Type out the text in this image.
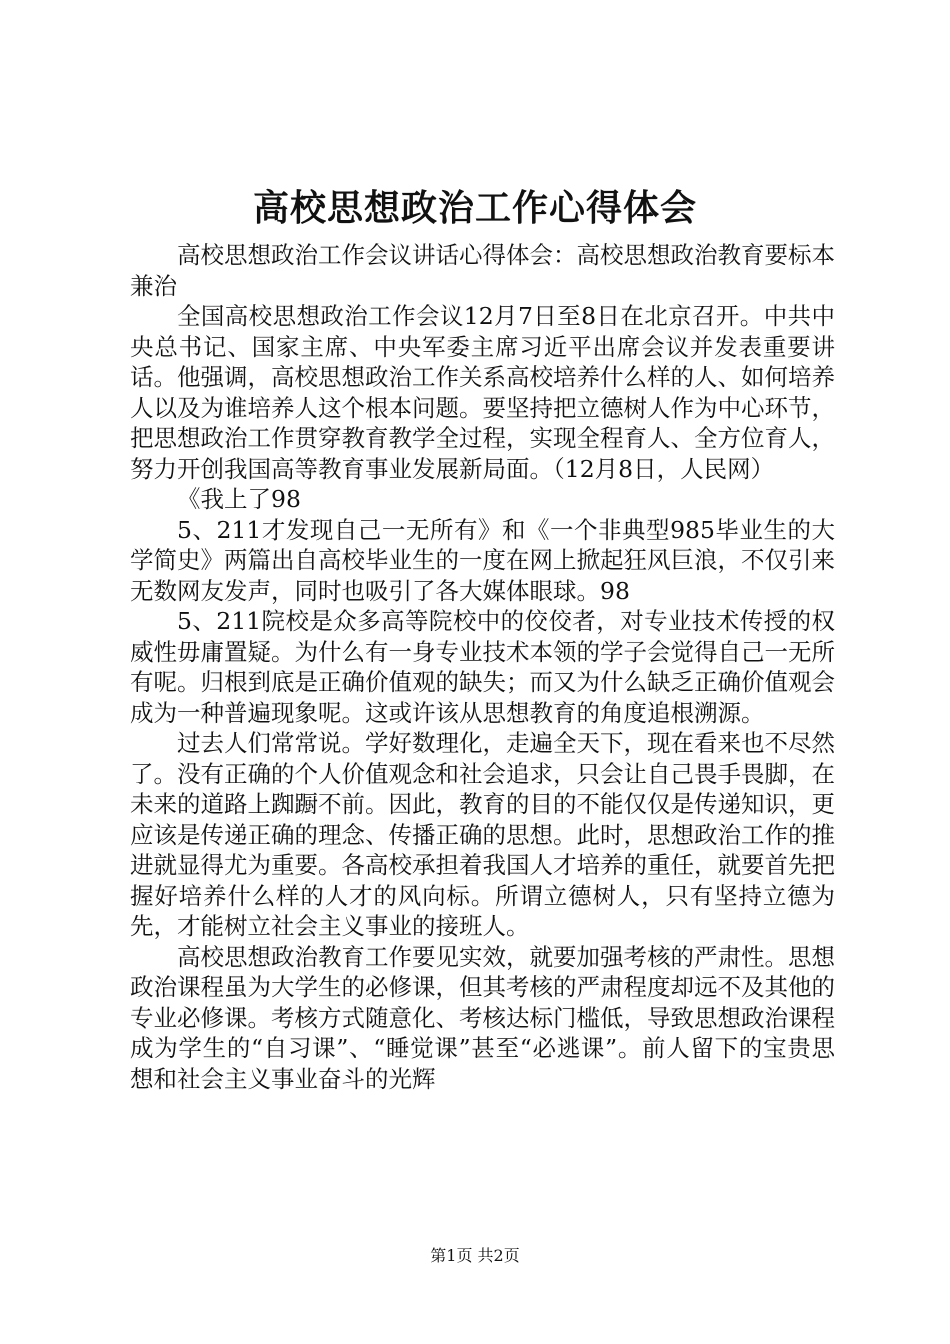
高校思想政治工作心得体会

高校思想政治工作会议讲话心得体会：高校思想政治教育要标本兼治

全国高校思想政治工作会议12月7日至8日在北京召开。中共中央总书记、国家主席、中央军委主席习近平出席会议并发表重要讲话。他强调，高校思想政治工作关系高校培养什么样的人、如何培养人以及为谁培养人这个根本问题。要坚持把立德树人作为中心环节，把思想政治工作贯穿教育教学全过程，实现全程育人、全方位育人，努力开创我国高等教育事业发展新局面。（12月8日，人民网）

《我上了98

5、211才发现自己一无所有》和《一个非典型985毕业生的大学简史》两篇出自高校毕业生的一度在网上掀起狂风巨浪，不仅引来无数网友发声，同时也吸引了各大媒体眼球。98

5、211院校是众多高等院校中的佼佼者，对专业技术传授的权威性毋庸置疑。为什么有一身专业技术本领的学子会觉得自己一无所有呢。归根到底是正确价值观的缺失；而又为什么缺乏正确价值观会成为一种普遍现象呢。这或许该从思想教育的角度追根溯源。

过去人们常常说。学好数理化，走遍全天下，现在看来也不尽然了。没有正确的个人价值观念和社会追求，只会让自己畏手畏脚，在未来的道路上踟蹰不前。因此，教育的目的不能仅仅是传递知识，更应该是传递正确的理念、传播正确的思想。此时，思想政治工作的推进就显得尤为重要。各高校承担着我国人才培养的重任，就要首先把握好培养什么样的人才的风向标。所谓立德树人，只有坚持立德为先，才能树立社会主义事业的接班人。

高校思想政治教育工作要见实效，就要加强考核的严肃性。思想政治课程虽为大学生的必修课，但其考核的严肃程度却远不及其他的专业必修课。考核方式随意化、考核达标门槛低，导致思想政治课程成为学生的“自习课”、“睡觉课”甚至“必逃课”。前人留下的宝贵思想和社会主义事业奋斗的光辉

第1页 共2页
